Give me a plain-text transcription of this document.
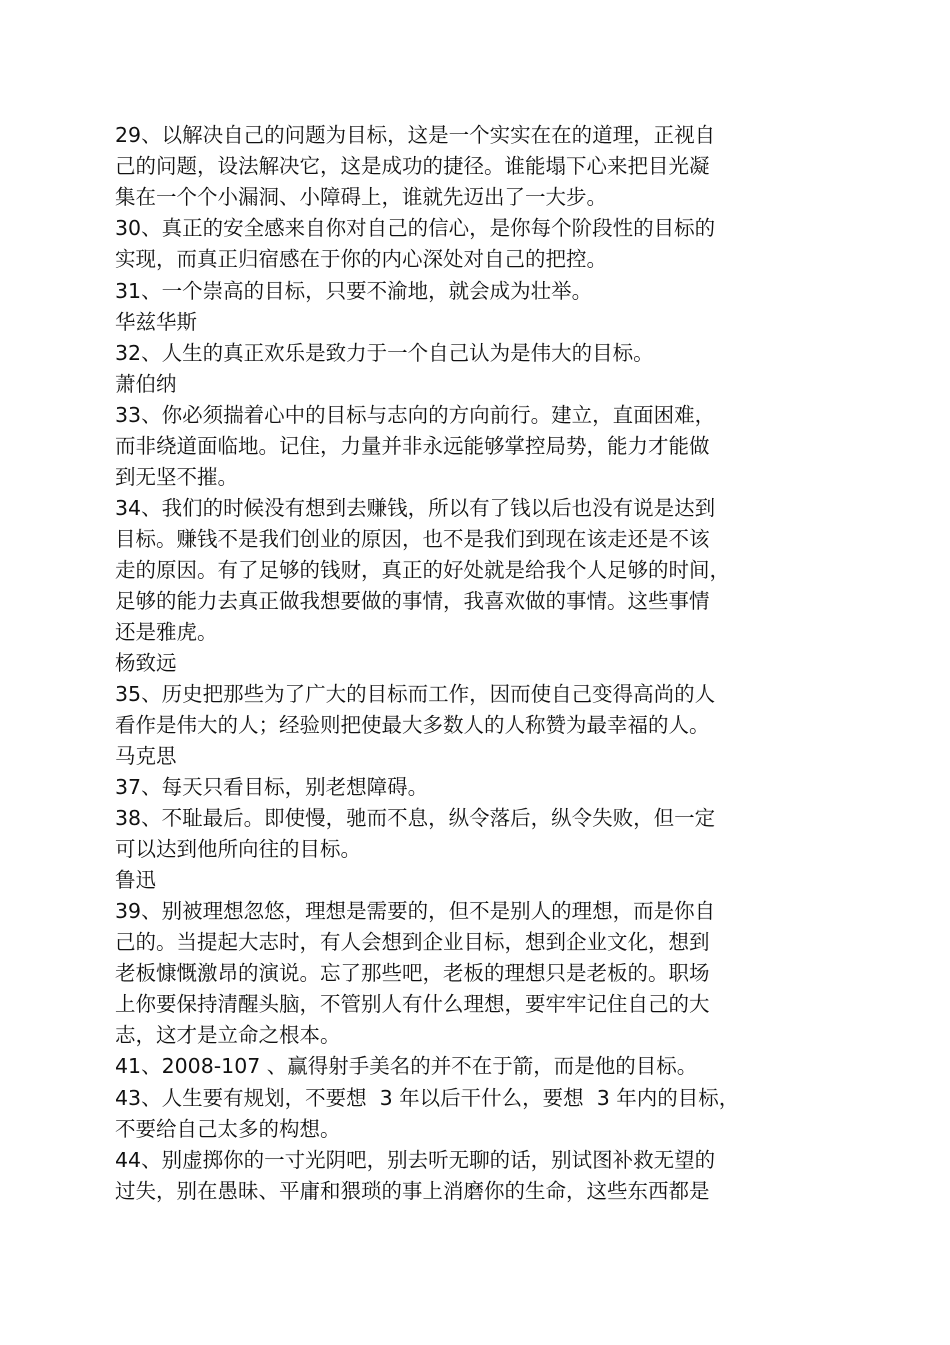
29、以解决自己的问题为目标，这是一个实实在在的道理，正视自
己的问题，设法解决它，这是成功的捷径。谁能塌下心来把目光凝
集在一个个小漏洞、小障碍上，谁就先迈出了一大步。
30、真正的安全感来自你对自己的信心，是你每个阶段性的目标的
实现，而真正归宿感在于你的内心深处对自己的把控。
31、一个崇高的目标，只要不渝地，就会成为壮举。
华兹华斯
32、人生的真正欢乐是致力于一个自己认为是伟大的目标。
萧伯纳
33、你必须揣着心中的目标与志向的方向前行。建立，直面困难，
而非绕道面临地。记住，力量并非永远能够掌控局势，能力才能做
到无坚不摧。
34、我们的时候没有想到去赚钱，所以有了钱以后也没有说是达到
目标。赚钱不是我们创业的原因，也不是我们到现在该走还是不该
走的原因。有了足够的钱财，真正的好处就是给我个人足够的时间，
足够的能力去真正做我想要做的事情，我喜欢做的事情。这些事情
还是雅虎。
杨致远
35、历史把那些为了广大的目标而工作，因而使自己变得高尚的人
看作是伟大的人；经验则把使最大多数人的人称赞为最幸福的人。
马克思
37、每天只看目标，别老想障碍。
38、不耻最后。即使慢，驰而不息，纵令落后，纵令失败，但一定
可以达到他所向往的目标。
鲁迅
39、别被理想忽悠，理想是需要的，但不是别人的理想，而是你自
己的。当提起大志时，有人会想到企业目标，想到企业文化，想到
老板慷慨激昂的演说。忘了那些吧，老板的理想只是老板的。职场
上你要保持清醒头脑，不管别人有什么理想，要牢牢记住自己的大
志，这才是立命之根本。
41、2008-107 、赢得射手美名的并不在于箭，而是他的目标。
43、人生要有规划，不要想  3 年以后干什么，要想  3 年内的目标，
不要给自己太多的构想。
44、别虚掷你的一寸光阴吧，别去听无聊的话，别试图补救无望的
过失，别在愚昧、平庸和猥琐的事上消磨你的生命，这些东西都是
